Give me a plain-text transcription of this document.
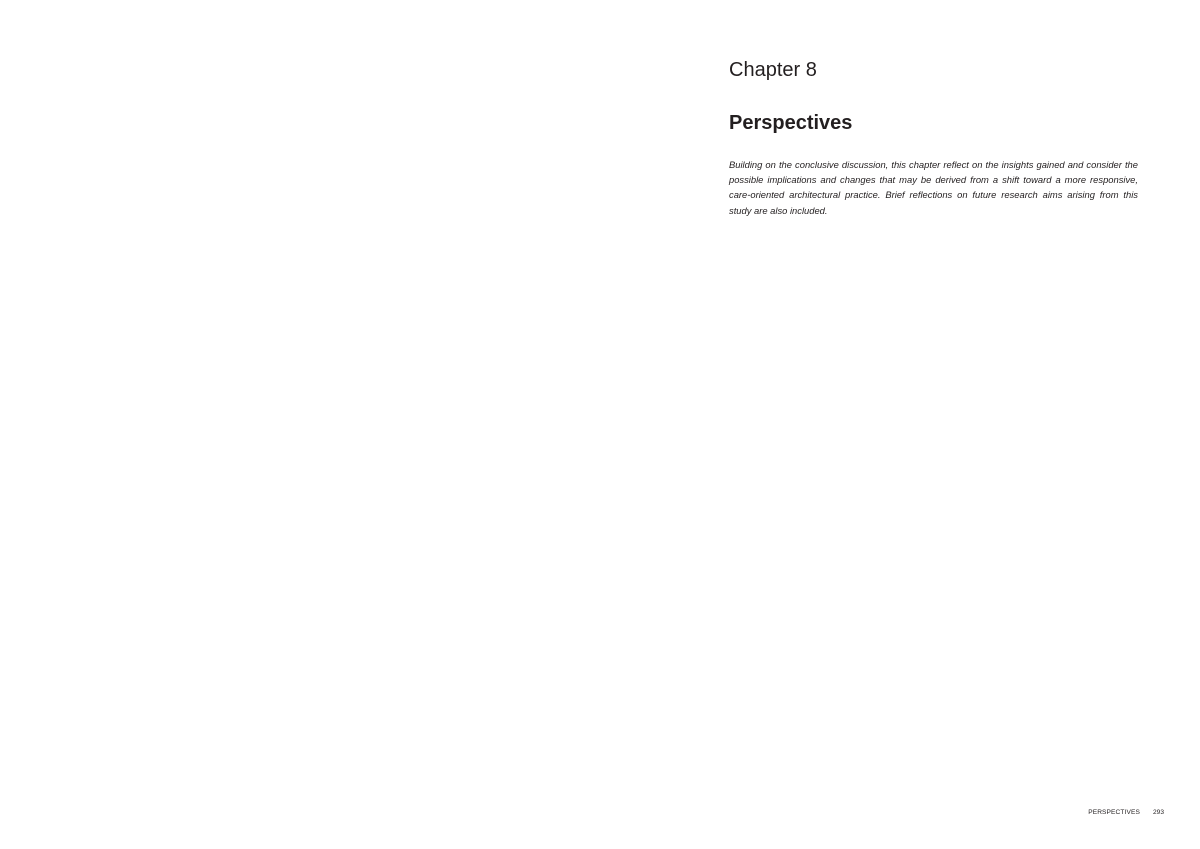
Chapter 8
Perspectives

Building on the conclusive discussion, this chapter reflect on the insights gained and consider the possible implications and changes that may be derived from a shift toward a more responsive, care-oriented architectural practice. Brief reflections on future research aims arising from this study are also included.

PERSPECTIVES 293
